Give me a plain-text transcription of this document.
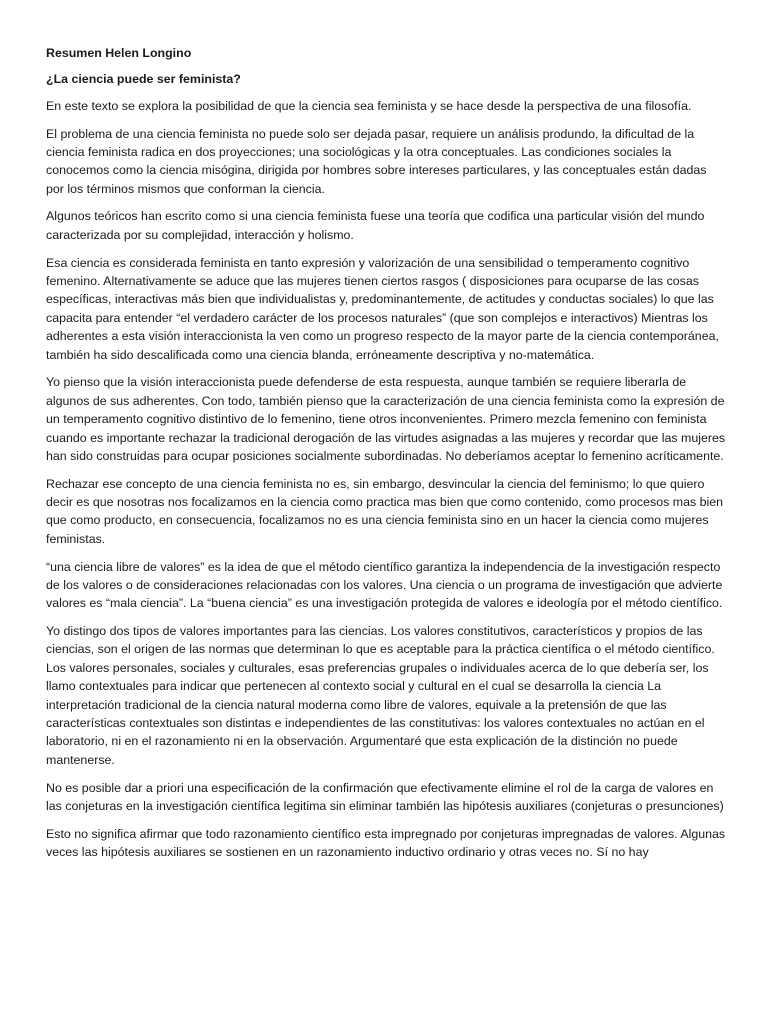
Resumen Helen Longino
¿La ciencia puede ser feminista?
En este texto se explora la posibilidad de que la ciencia sea feminista y se hace desde la perspectiva de una filosofía.
El problema de una ciencia feminista no puede solo ser dejada pasar, requiere un análisis produndo, la dificultad de la ciencia feminista radica en dos proyecciones; una sociológicas y la otra conceptuales. Las condiciones sociales la conocemos como la ciencia misógina, dirigida por hombres sobre intereses particulares, y las conceptuales están dadas por los términos mismos que conforman la ciencia.
Algunos teóricos han escrito como si una ciencia feminista fuese una teoría que codifica una particular visión del mundo caracterizada por su complejidad, interacción y holismo.
Esa ciencia es considerada feminista en tanto expresión y valorización de una sensibilidad o temperamento cognitivo femenino. Alternativamente se aduce que las mujeres tienen ciertos rasgos ( disposiciones para ocuparse de las cosas específicas, interactivas más bien que individualistas y, predominantemente, de actitudes y conductas sociales) lo que las capacita para entender “el verdadero carácter de los procesos naturales” (que son complejos e interactivos) Mientras los adherentes a esta visión interaccionista la ven como un progreso respecto de la mayor parte de la ciencia contemporánea, también ha sido descalificada como una ciencia blanda, erróneamente descriptiva y no-matemática.
Yo pienso que la visión interaccionista puede defenderse de esta respuesta, aunque también se requiere liberarla de algunos de sus adherentes. Con todo, también pienso que la caracterización de una ciencia feminista como la expresión de un temperamento cognitivo distintivo de lo femenino, tiene otros inconvenientes. Primero mezcla femenino con feminista cuando es importante rechazar la tradicional derogación de las virtudes asignadas a las mujeres y recordar que las mujeres han sido construidas para ocupar posiciones socialmente subordinadas. No deberíamos aceptar lo femenino acríticamente.
Rechazar ese concepto de una ciencia feminista no es, sin embargo, desvincular la ciencia del feminismo; lo que quiero decir es que nosotras nos focalizamos en la ciencia como practica mas bien que como contenido, como procesos mas bien que como producto, en consecuencia, focalizamos no es una ciencia feminista sino en un hacer la ciencia como mujeres feministas.
“una ciencia libre de valores” es la idea de que el método científico garantiza la independencia de la investigación respecto de los valores o de consideraciones relacionadas con los valores. Una ciencia o un programa de investigación que advierte valores es “mala ciencia”. La “buena ciencia” es una investigación protegida de valores e ideología por el método científico.
Yo distingo dos tipos de valores importantes para las ciencias. Los valores constitutivos, característicos y propios de las ciencias, son el origen de las normas que determinan lo que es aceptable para la práctica científica o el método científico. Los valores personales, sociales y culturales, esas preferencias grupales o individuales acerca de lo que debería ser, los llamo contextuales para indicar que pertenecen al contexto social y cultural en el cual se desarrolla la ciencia La interpretación tradicional de la ciencia natural moderna como libre de valores, equivale a la pretensión de que las características contextuales son distintas e independientes de las constitutivas: los valores contextuales no actúan en el laboratorio, ni en el razonamiento ni en la observación. Argumentaré que esta explicación de la distinción no puede mantenerse.
No es posible dar a priori una especificación de la confirmación que efectivamente elimine el rol de la carga de valores en las conjeturas en la investigación científica legitima sin eliminar también las hipótesis auxiliares (conjeturas o presunciones)
Esto no significa afirmar que todo razonamiento científico esta impregnado por conjeturas impregnadas de valores. Algunas veces las hipótesis auxiliares se sostienen en un razonamiento inductivo ordinario y otras veces no. Sí no hay
